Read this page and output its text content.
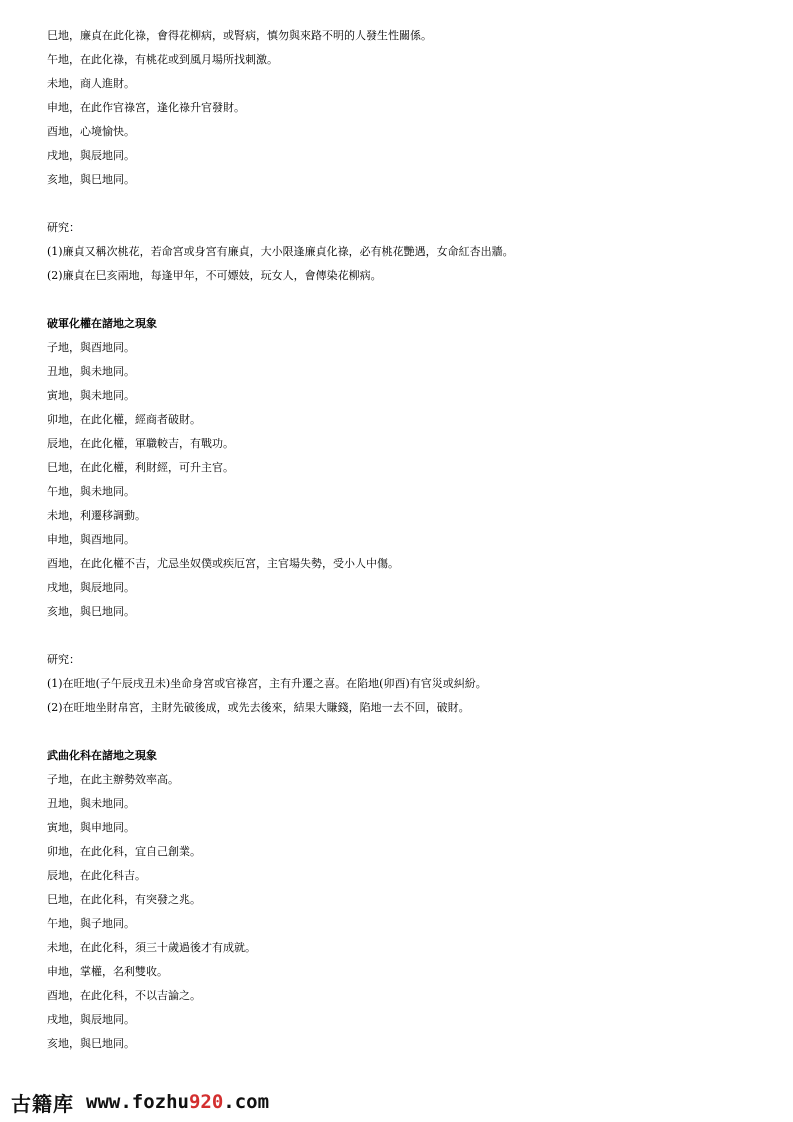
巳地，廉貞在此化祿，會得花柳病，或腎病，慎勿與來路不明的人發生性關係。
午地，在此化祿，有桃花或到風月場所找刺激。
未地，商人進財。
申地，在此作官祿宮，逢化祿升官發財。
酉地，心境愉快。
戌地，與辰地同。
亥地，與巳地同。
研究：
(1)廉貞又稱次桃花，若命宮或身宮有廉貞，大小限逢廉貞化祿，必有桃花艷遇，女命紅杏出牆。
(2)廉貞在巳亥兩地，每逢甲年，不可嫖妓，玩女人，會傳染花柳病。
破軍化權在諸地之現象
子地，與酉地同。
丑地，與未地同。
寅地，與未地同。
卯地，在此化權，經商者破財。
辰地，在此化權，軍職較吉，有戰功。
巳地，在此化權，利財經，可升主官。
午地，與未地同。
未地，利遷移調動。
申地，與酉地同。
酉地，在此化權不吉，尤忌坐奴僕或疾厄宮，主官場失勢，受小人中傷。
戌地，與辰地同。
亥地，與巳地同。
研究：
(1)在旺地(子午辰戌丑未)坐命身宮或官祿宮，主有升遷之喜。在陷地(卯酉)有官災或糾紛。
(2)在旺地坐財帛宮，主財先破後成，或先去後來，結果大賺錢，陷地一去不回，破財。
武曲化科在諸地之現象
子地，在此主辦勢效率高。
丑地，與未地同。
寅地，與申地同。
卯地，在此化科，宜自己創業。
辰地，在此化科吉。
巳地，在此化科，有突發之兆。
午地，與子地同。
未地，在此化科，須三十歲過後才有成就。
申地，掌權，名利雙收。
酉地，在此化科，不以吉論之。
戌地，與辰地同。
亥地，與巳地同。
古籍库 www.fozhu920.com
